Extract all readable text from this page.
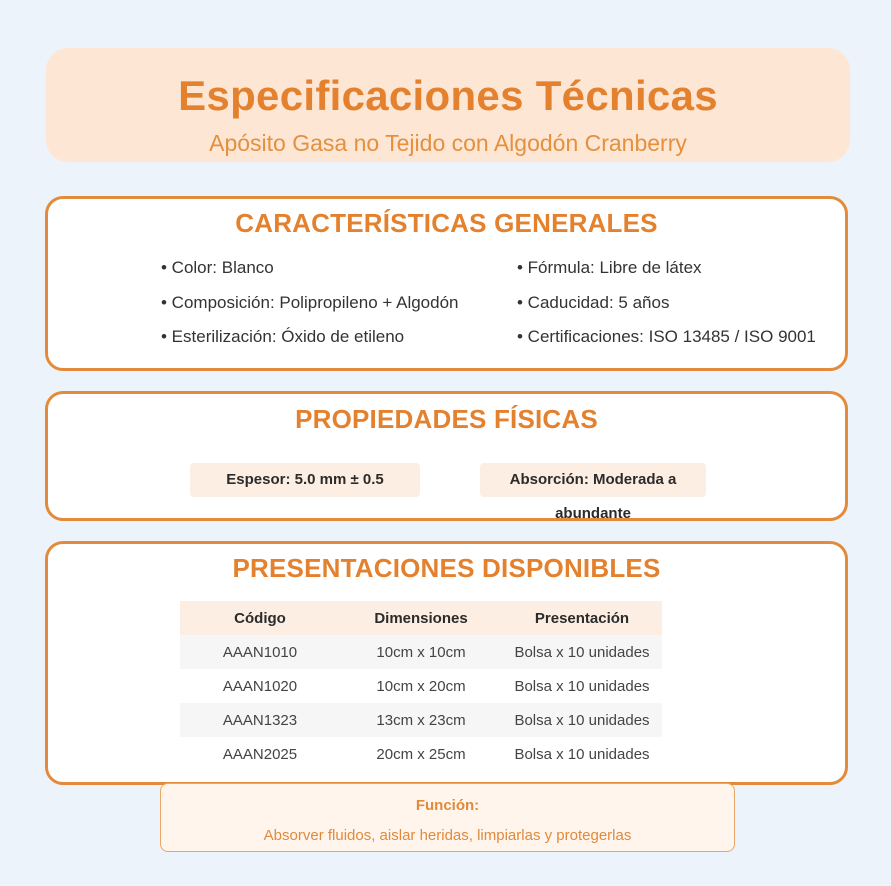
Especificaciones Técnicas
Apósito Gasa no Tejido con Algodón Cranberry
CARACTERÍSTICAS GENERALES
• Color: Blanco
• Composición: Polipropileno + Algodón
• Esterilización: Óxido de etileno
• Fórmula: Libre de látex
• Caducidad: 5 años
• Certificaciones: ISO 13485 / ISO 9001
PROPIEDADES FÍSICAS
Espesor: 5.0 mm ± 0.5	Absorción: Moderada a abundante
PRESENTACIONES DISPONIBLES
Código	Dimensiones	Presentación
AAAN1010	10cm x 10cm	Bolsa x 10 unidades
AAAN1020	10cm x 20cm	Bolsa x 10 unidades
AAAN1323	13cm x 23cm	Bolsa x 10 unidades
AAAN2025	20cm x 25cm	Bolsa x 10 unidades
Función:
Absorver fluidos, aislar heridas, limpiarlas y protegerlas
